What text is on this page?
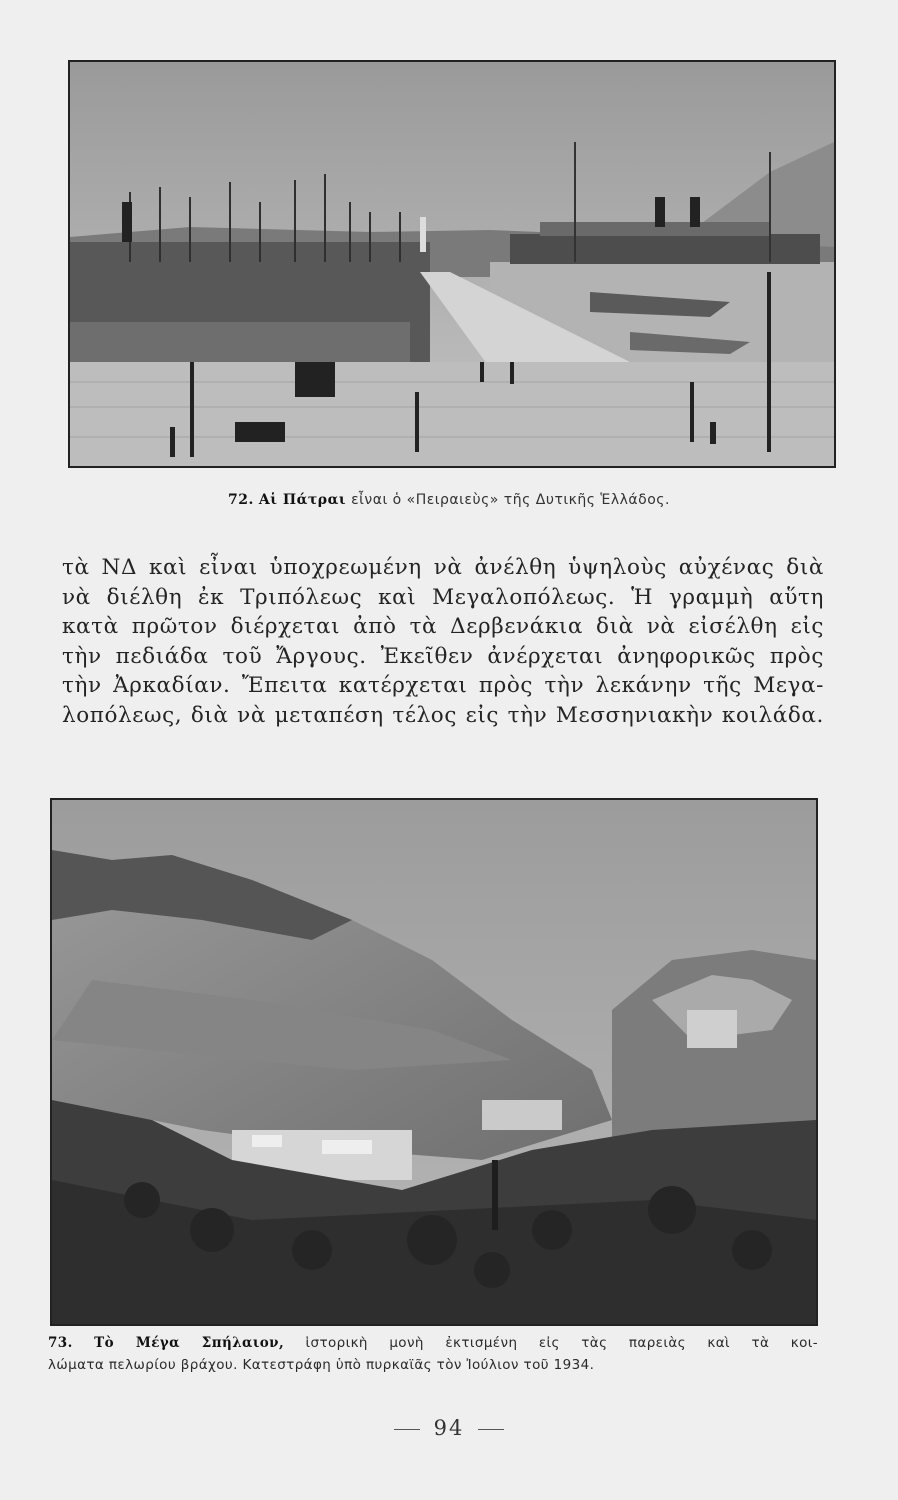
72. Αἱ Πάτραι εἶναι ὁ «Πειραιεὺς» τῆς Δυτικῆς Ἑλλάδος.
τὰ ΝΔ καὶ εἶναι ὑποχρεωμένη νὰ ἀνέλθη ὑψηλοὺς αὐχένας διὰ
νὰ διέλθη ἐκ Τριπόλεως καὶ Μεγαλοπόλεως. Ἡ γραμμὴ αὕτη
κατὰ πρῶτον διέρχεται ἀπὸ τὰ Δερβενάκια διὰ νὰ εἰσέλθη εἰς
τὴν πεδιάδα τοῦ Ἄργους. Ἐκεῖθεν ἀνέρχεται ἀνηφορικῶς πρὸς
τὴν Ἀρκαδίαν. Ἔπειτα κατέρχεται πρὸς τὴν λεκάνην τῆς Μεγα-
λοπόλεως, διὰ νὰ μεταπέση τέλος εἰς τὴν Μεσσηνιακὴν κοιλάδα.
73. Τὸ Μέγα Σπήλαιον, ἱστορικὴ μονὴ ἐκτισμένη εἰς τὰς παρειὰς καὶ τὰ κοι-
λώματα πελωρίου βράχου. Κατεστράφη ὑπὸ πυρκαϊᾶς τὸν Ἰούλιον τοῦ 1934.
94
